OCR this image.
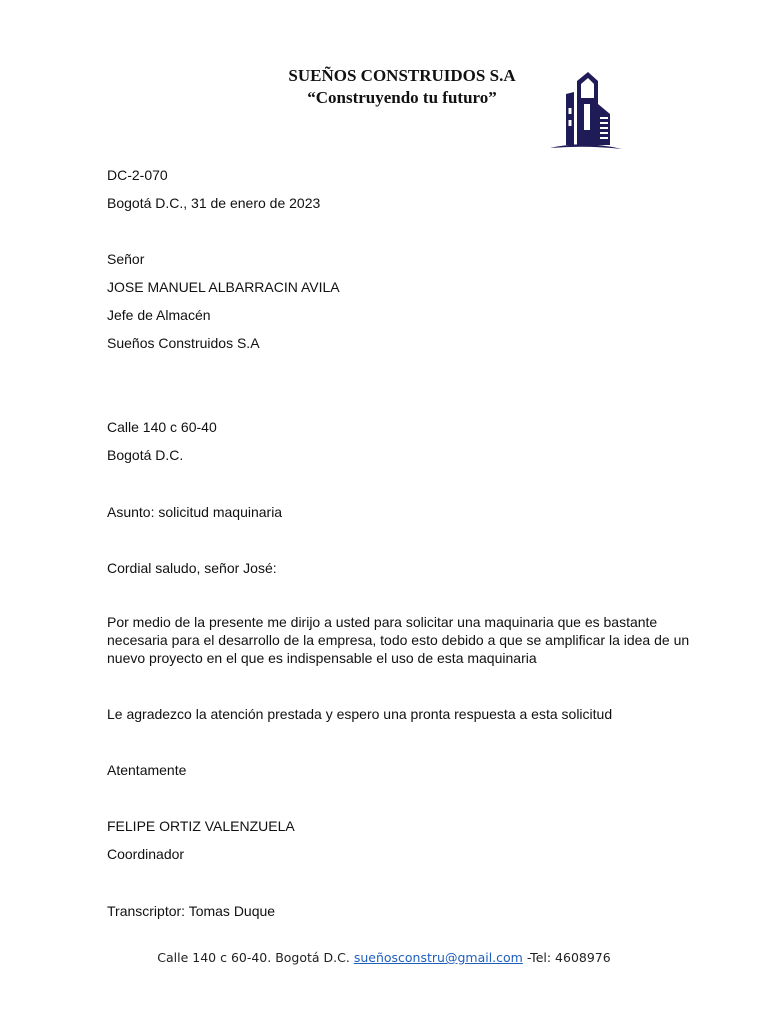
SUEÑOS CONSTRUIDOS S.A

“Construyendo tu futuro”

DC-2-070

Bogotá D.C., 31 de enero de 2023

Señor

JOSE MANUEL ALBARRACIN AVILA

Jefe de Almacén

Sueños Construidos S.A

Calle 140 c 60-40

Bogotá D.C.

Asunto: solicitud maquinaria

Cordial saludo, señor José:

Por medio de la presente me dirijo a usted para solicitar una maquinaria que es bastante necesaria para el desarrollo de la empresa, todo esto debido a que se amplificar la idea de un nuevo proyecto en el que es indispensable el uso de esta maquinaria

Le agradezco la atención prestada y espero una pronta respuesta a esta solicitud

Atentamente

FELIPE ORTIZ VALENZUELA

Coordinador

Transcriptor: Tomas Duque

Calle 140 c 60-40. Bogotá D.C. sueñosconstru@gmail.com -Tel: 4608976
